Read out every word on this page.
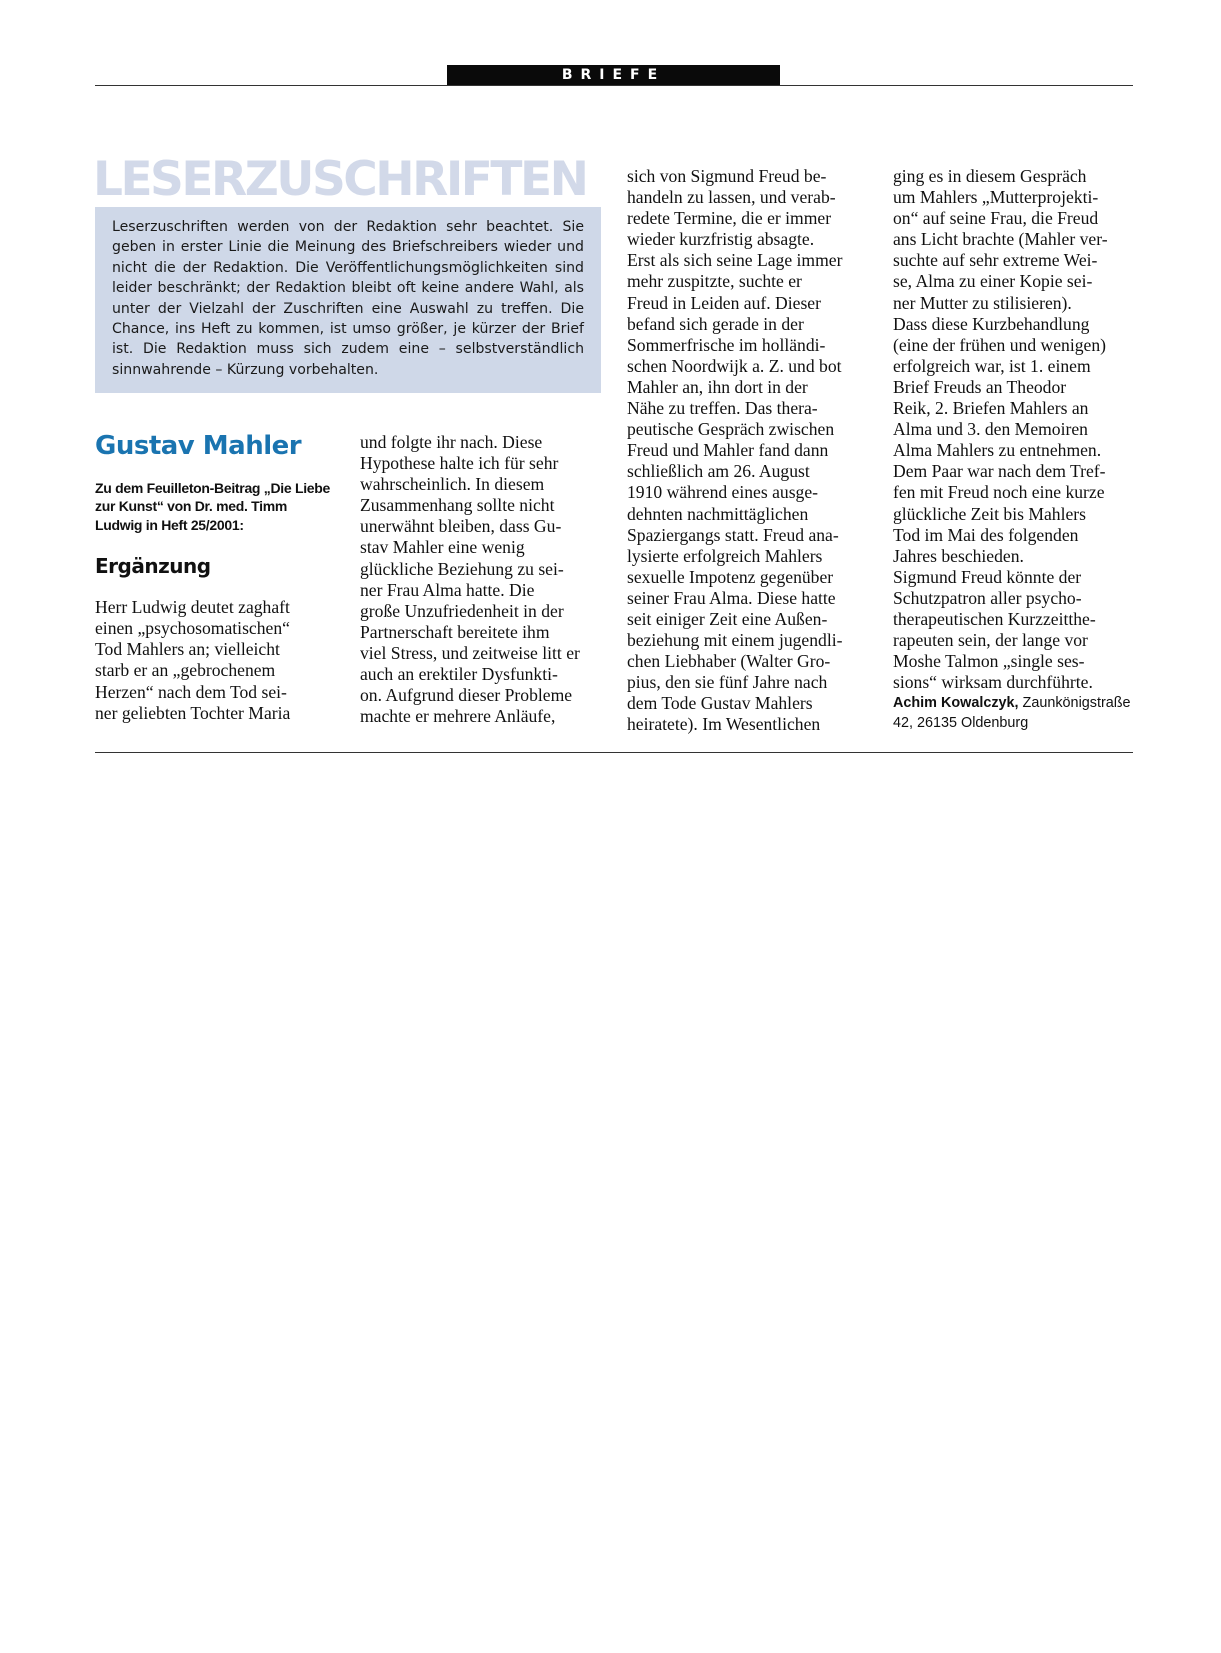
BRIEFE
LESERZUSCHRIFTEN

Leserzuschriften werden von der Redaktion sehr beachtet. Sie geben in erster Linie die Meinung des Briefschreibers wieder und nicht die der Redaktion. Die Veröffentlichungsmöglichkeiten sind leider beschränkt; der Redaktion bleibt oft keine andere Wahl, als unter der Vielzahl der Zuschriften eine Auswahl zu treffen. Die Chance, ins Heft zu kommen, ist umso größer, je kürzer der Brief ist. Die Redaktion muss sich zudem eine – selbstverständlich sinnwahrende – Kürzung vorbehalten.

Gustav Mahler
Zu dem Feuilleton-Beitrag „Die Liebe zur Kunst“ von Dr. med. Timm Ludwig in Heft 25/2001:
Ergänzung
Herr Ludwig deutet zaghaft
einen „psychosomatischen“
Tod Mahlers an; vielleicht
starb er an „gebrochenem
Herzen“ nach dem Tod sei-
ner geliebten Tochter Maria
und folgte ihr nach. Diese
Hypothese halte ich für sehr
wahrscheinlich. In diesem
Zusammenhang sollte nicht
unerwähnt bleiben, dass Gu-
stav Mahler eine wenig
glückliche Beziehung zu sei-
ner Frau Alma hatte. Die
große Unzufriedenheit in der
Partnerschaft bereitete ihm
viel Stress, und zeitweise litt er
auch an erektiler Dysfunkti-
on. Aufgrund dieser Probleme
machte er mehrere Anläufe,
sich von Sigmund Freud be-
handeln zu lassen, und verab-
redete Termine, die er immer
wieder kurzfristig absagte.
Erst als sich seine Lage immer
mehr zuspitzte, suchte er
Freud in Leiden auf. Dieser
befand sich gerade in der
Sommerfrische im holländi-
schen Noordwijk a. Z. und bot
Mahler an, ihn dort in der
Nähe zu treffen. Das thera-
peutische Gespräch zwischen
Freud und Mahler fand dann
schließlich am 26. August
1910 während eines ausge-
dehnten nachmittäglichen
Spaziergangs statt. Freud ana-
lysierte erfolgreich Mahlers
sexuelle Impotenz gegenüber
seiner Frau Alma. Diese hatte
seit einiger Zeit eine Außen-
beziehung mit einem jugendli-
chen Liebhaber (Walter Gro-
pius, den sie fünf Jahre nach
dem Tode Gustav Mahlers
heiratete). Im Wesentlichen
ging es in diesem Gespräch
um Mahlers „Mutterprojekti-
on“ auf seine Frau, die Freud
ans Licht brachte (Mahler ver-
suchte auf sehr extreme Wei-
se, Alma zu einer Kopie sei-
ner Mutter zu stilisieren).
Dass diese Kurzbehandlung
(eine der frühen und wenigen)
erfolgreich war, ist 1. einem
Brief Freuds an Theodor
Reik, 2. Briefen Mahlers an
Alma und 3. den Memoiren
Alma Mahlers zu entnehmen.
Dem Paar war nach dem Tref-
fen mit Freud noch eine kurze
glückliche Zeit bis Mahlers
Tod im Mai des folgenden
Jahres beschieden.
Sigmund Freud könnte der
Schutzpatron aller psycho-
therapeutischen Kurzzeitthe-
rapeuten sein, der lange vor
Moshe Talmon „single ses-
sions“ wirksam durchführte.
Achim Kowalczyk, Zaunkönigstraße
42, 26135 Oldenburg
